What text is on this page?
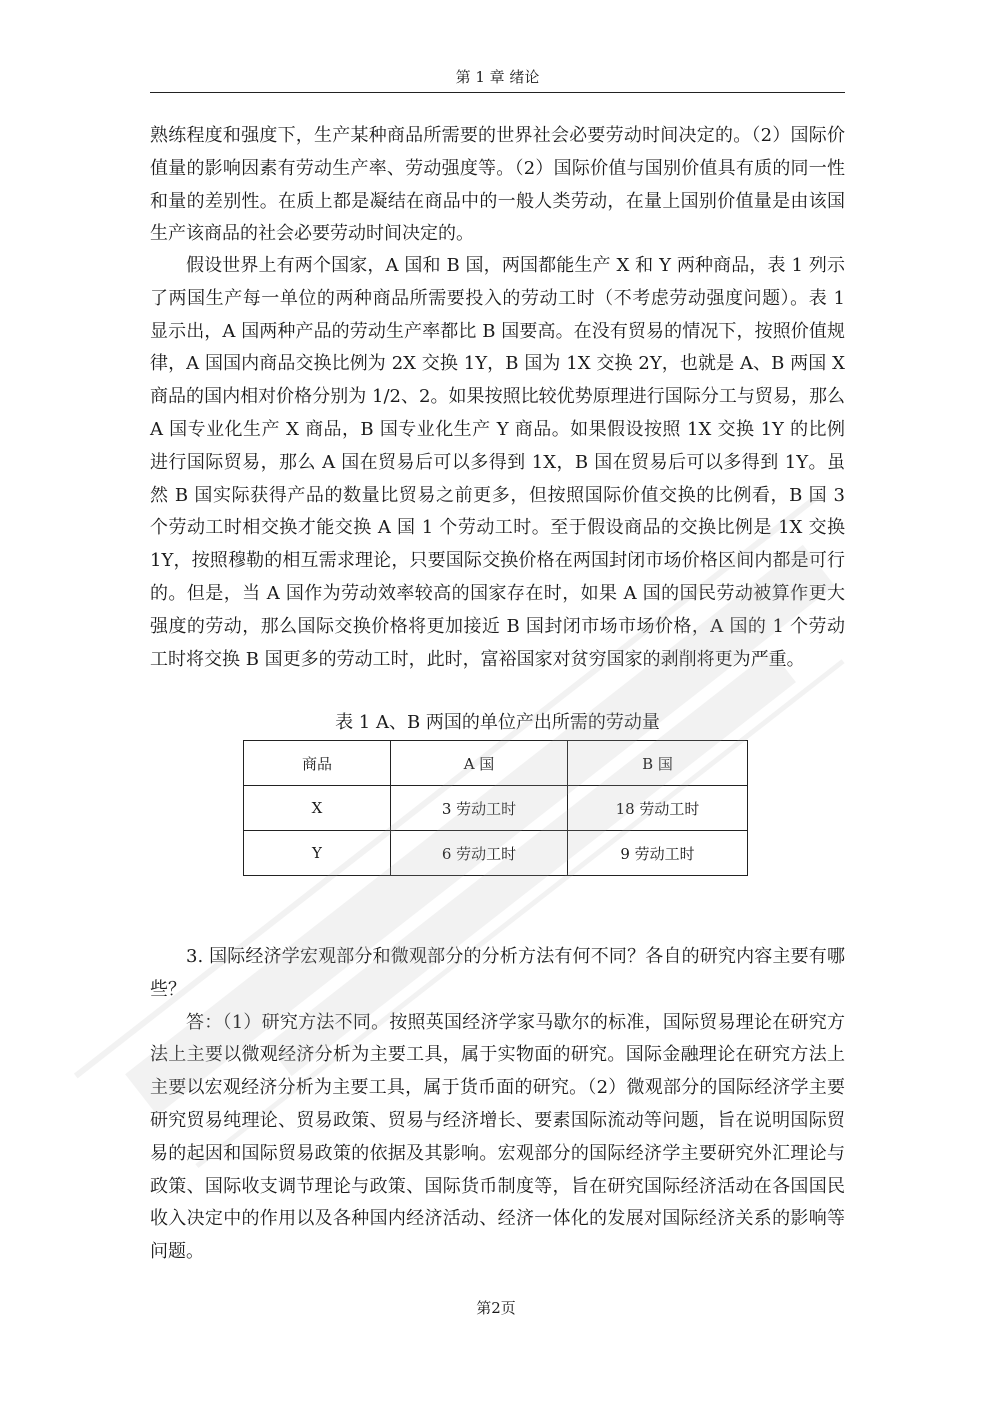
第 1 章 绪论

熟练程度和强度下，生产某种商品所需要的世界社会必要劳动时间决定的。（2）国际价值量的影响因素有劳动生产率、劳动强度等。（2）国际价值与国别价值具有质的同一性和量的差别性。在质上都是凝结在商品中的一般人类劳动，在量上国别价值量是由该国生产该商品的社会必要劳动时间决定的。

假设世界上有两个国家，A 国和 B 国，两国都能生产 X 和 Y 两种商品，表 1 列示了两国生产每一单位的两种商品所需要投入的劳动工时（不考虑劳动强度问题）。表 1 显示出，A 国两种产品的劳动生产率都比 B 国要高。在没有贸易的情况下，按照价值规律，A 国国内商品交换比例为 2X 交换 1Y，B 国为 1X 交换 2Y，也就是 A、B 两国 X 商品的国内相对价格分别为 1/2、2。如果按照比较优势原理进行国际分工与贸易，那么 A 国专业化生产 X 商品，B 国专业化生产 Y 商品。如果假设按照 1X 交换 1Y 的比例进行国际贸易，那么 A 国在贸易后可以多得到 1X，B 国在贸易后可以多得到 1Y。虽然 B 国实际获得产品的数量比贸易之前更多，但按照国际价值交换的比例看，B 国 3 个劳动工时相交换才能交换 A 国 1 个劳动工时。至于假设商品的交换比例是 1X 交换 1Y，按照穆勒的相互需求理论，只要国际交换价格在两国封闭市场价格区间内都是可行的。但是，当 A 国作为劳动效率较高的国家存在时，如果 A 国的国民劳动被算作更大强度的劳动，那么国际交换价格将更加接近 B 国封闭市场市场价格，A 国的 1 个劳动工时将交换 B 国更多的劳动工时，此时，富裕国家对贫穷国家的剥削将更为严重。

表 1 A、B 两国的单位产出所需的劳动量
商品	A 国	B 国
X	3 劳动工时	18 劳动工时
Y	6 劳动工时	9 劳动工时

3. 国际经济学宏观部分和微观部分的分析方法有何不同？各自的研究内容主要有哪些？

答：（1）研究方法不同。按照英国经济学家马歇尔的标准，国际贸易理论在研究方法上主要以微观经济分析为主要工具，属于实物面的研究。国际金融理论在研究方法上主要以宏观经济分析为主要工具，属于货币面的研究。（2）微观部分的国际经济学主要研究贸易纯理论、贸易政策、贸易与经济增长、要素国际流动等问题，旨在说明国际贸易的起因和国际贸易政策的依据及其影响。宏观部分的国际经济学主要研究外汇理论与政策、国际收支调节理论与政策、国际货币制度等，旨在研究国际经济活动在各国国民收入决定中的作用以及各种国内经济活动、经济一体化的发展对国际经济关系的影响等问题。

第2页
